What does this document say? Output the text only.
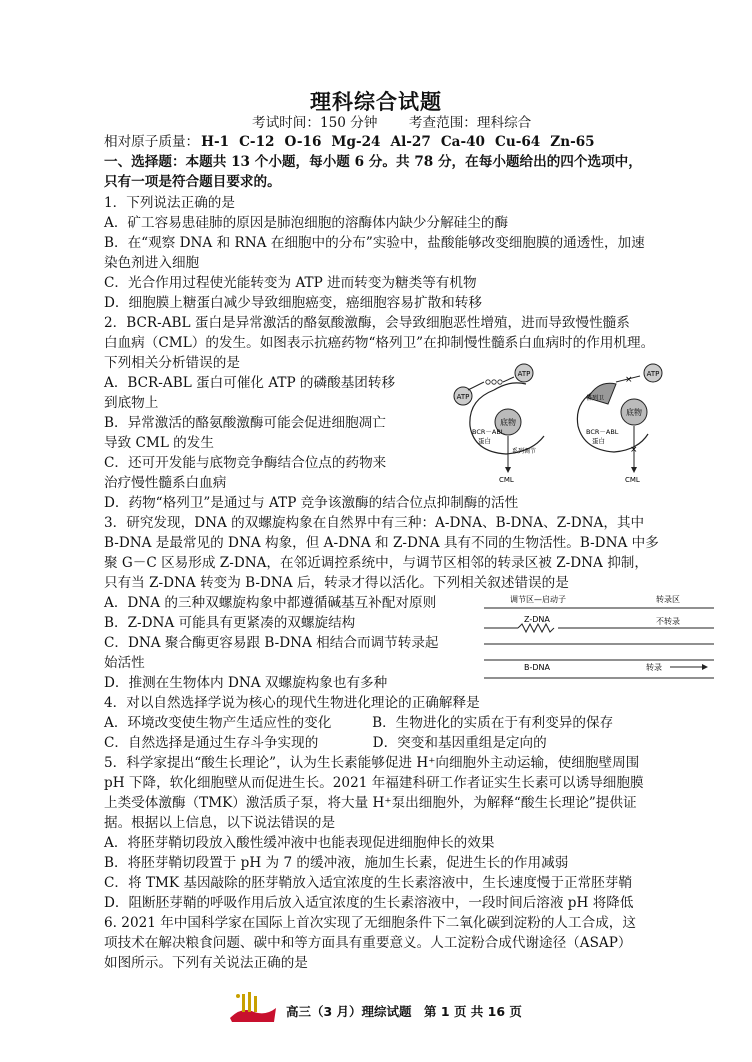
理科综合试题
考试时间：150 分钟　　 考查范围：理科综合
相对原子质量： H-1 C-12 O-16 Mg-24 Al-27 Ca-40 Cu-64 Zn-65
一、选择题：本题共 13 个小题，每小题 6 分。共 78 分，在每小题给出的四个选项中，
只有一项是符合题目要求的。
1．下列说法正确的是
A．矿工容易患硅肺的原因是肺泡细胞的溶酶体内缺少分解硅尘的酶
B．在“观察 DNA 和 RNA 在细胞中的分布”实验中，盐酸能够改变细胞膜的通透性，加速
染色剂进入细胞
C．光合作用过程使光能转变为 ATP 进而转变为糖类等有机物
D．细胞膜上糖蛋白减少导致细胞癌变，癌细胞容易扩散和转移
2．BCR-ABL 蛋白是异常激活的酪氨酸激酶，会导致细胞恶性增殖，进而导致慢性髓系
白血病（CML）的发生。如图表示抗癌药物“格列卫”在抑制慢性髓系白血病时的作用机理。
下列相关分析错误的是
A．BCR-ABL 蛋白可催化 ATP 的磷酸基团转移
到底物上
B．异常激活的酪氨酸激酶可能会促进细胞凋亡
导致 CML 的发生
C．还可开发能与底物竞争酶结合位点的药物来
治疗慢性髓系白血病
D．药物“格列卫”是通过与 ATP 竞争该激酶的结合位点抑制酶的活性
ATP
ATP
底物
BCR－ABL
蛋白
系列调节
CML
格列卫
ATP
×
底物
BCR－ABL
蛋白
×
CML
3．研究发现，DNA 的双螺旋构象在自然界中有三种：A-DNA、B-DNA、Z-DNA，其中
B-DNA 是最常见的 DNA 构象，但 A-DNA 和 Z-DNA 具有不同的生物活性。B-DNA 中多
聚 G－C 区易形成 Z-DNA，在邻近调控系统中，与调节区相邻的转录区被 Z-DNA 抑制，
只有当 Z-DNA 转变为 B-DNA 后，转录才得以活化。下列相关叙述错误的是
A．DNA 的三种双螺旋构象中都遵循碱基互补配对原则
B．Z-DNA 可能具有更紧凑的双螺旋结构
C．DNA 聚合酶更容易跟 B-DNA 相结合而调节转录起
始活性
D．推测在生物体内 DNA 双螺旋构象也有多种
调节区—启动子	转录区
Z-DNA	不转录
B-DNA	转录
4．对以自然选择学说为核心的现代生物进化理论的正确解释是
A．环境改变使生物产生适应性的变化　　　B．生物进化的实质在于有利变异的保存
C．自然选择是通过生存斗争实现的　　　　D．突变和基因重组是定向的
5．科学家提出“酸生长理论”，认为生长素能够促进 H⁺向细胞外主动运输，使细胞壁周围
pH 下降，软化细胞壁从而促进生长。2021 年福建科研工作者证实生长素可以诱导细胞膜
上类受体激酶（TMK）激活质子泵，将大量 H⁺泵出细胞外，为解释“酸生长理论”提供证
据。根据以上信息，以下说法错误的是
A．将胚芽鞘切段放入酸性缓冲液中也能表现促进细胞伸长的效果
B．将胚芽鞘切段置于 pH 为 7 的缓冲液，施加生长素，促进生长的作用减弱
C．将 TMK 基因敲除的胚芽鞘放入适宜浓度的生长素溶液中，生长速度慢于正常胚芽鞘
D．阻断胚芽鞘的呼吸作用后放入适宜浓度的生长素溶液中，一段时间后溶液 pH 将降低
6. 2021 年中国科学家在国际上首次实现了无细胞条件下二氧化碳到淀粉的人工合成，这
项技术在解决粮食问题、碳中和等方面具有重要意义。人工淀粉合成代谢途径（ASAP）
如图所示。下列有关说法正确的是
高三（3 月）理综试题　第 1 页 共 16 页
